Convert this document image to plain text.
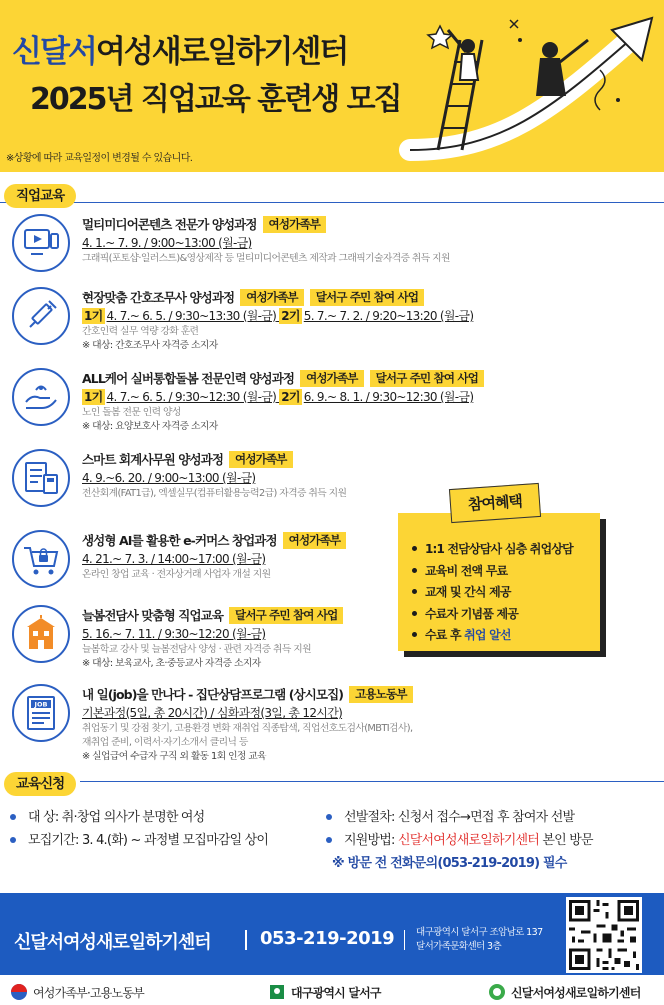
신달서여성새로일하기센터
2025년 직업교육 훈련생 모집
※상황에 따라 교육일정이 변경될 수 있습니다.
직업교육
멀티미디어콘텐츠 전문가 양성과정	여성가족부
4. 1.~ 7. 9. / 9:00~13:00 (월-금)
그래픽(포토샵·일러스트)&영상제작 등 멀티미디어콘텐츠 제작과 그래픽기술자격증 취득 지원
현장맞춤 간호조무사 양성과정	여성가족부	달서구 주민 참여 사업
1기 4. 7.~ 6. 5. / 9:30~13:30 (월-금) 2기 5. 7.~ 7. 2. / 9:20~13:20 (월-금)
간호인력 실무 역량 강화 훈련
※ 대상: 간호조무사 자격증 소지자
ALL케어 실버통합돌봄 전문인력 양성과정	여성가족부	달서구 주민 참여 사업
1기 4. 7.~ 6. 5. / 9:30~12:30 (월-금) 2기 6. 9.~ 8. 1. / 9:30~12:30 (월-금)
노인 돌봄 전문 인력 양성
※ 대상: 요양보호사 자격증 소지자
스마트 회계사무원 양성과정	여성가족부
4. 9.~6. 20. / 9:00~13:00 (월-금)
전산회계(FAT1급), 엑셀실무(컴퓨터활용능력2급) 자격증 취득 지원
생성형 AI를 활용한 e-커머스 창업과정	여성가족부
4. 21.~ 7. 3. / 14:00~17:00 (월-금)
온라인 창업 교육 · 전자상거래 사업자 개설 지원
늘봄전담사 맞춤형 직업교육	달서구 주민 참여 사업
5. 16.~ 7. 11. / 9:30~12:20 (월-금)
늘봄학교 강사 및 늘봄전담사 양성 · 관련 자격증 취득 지원
※ 대상: 보육교사, 초·중등교사 자격증 소지자
JOB
내 일(job)을 만나다 - 집단상담프로그램 (상시모집)	고용노동부
기본과정(5일, 총 20시간) / 심화과정(3일, 총 12시간)
취업동기 및 강점 찾기, 고용환경 변화 재취업 직종탐색, 직업선호도검사(MBTI검사),
재취업 준비, 이력서·자기소개서 클리닉 등
※ 실업급여 수급자 구직 외 활동 1회 인정 교육
1:1 전담상담사 심층 취업상담
교육비 전액 무료
교재 및 간식 제공
수료자 기념품 제공
수료 후 취업 알선
참여혜택
교육신청
대 상: 취·창업 의사가 분명한 여성
모집기간: 3. 4.(화) ~ 과정별 모집마감일 상이
선발절차: 신청서 접수→면접 후 참여자 선발
지원방법: 신달서여성새로일하기센터 본인 방문
※ 방문 전 전화문의(053-219-2019) 필수
신달서여성새로일하기센터	053-219-2019 대구광역시 달서구 조암남로 137
달서가족문화센터 3층
여성가족부·고용노동부	대구광역시 달서구	신달서여성새로일하기센터
